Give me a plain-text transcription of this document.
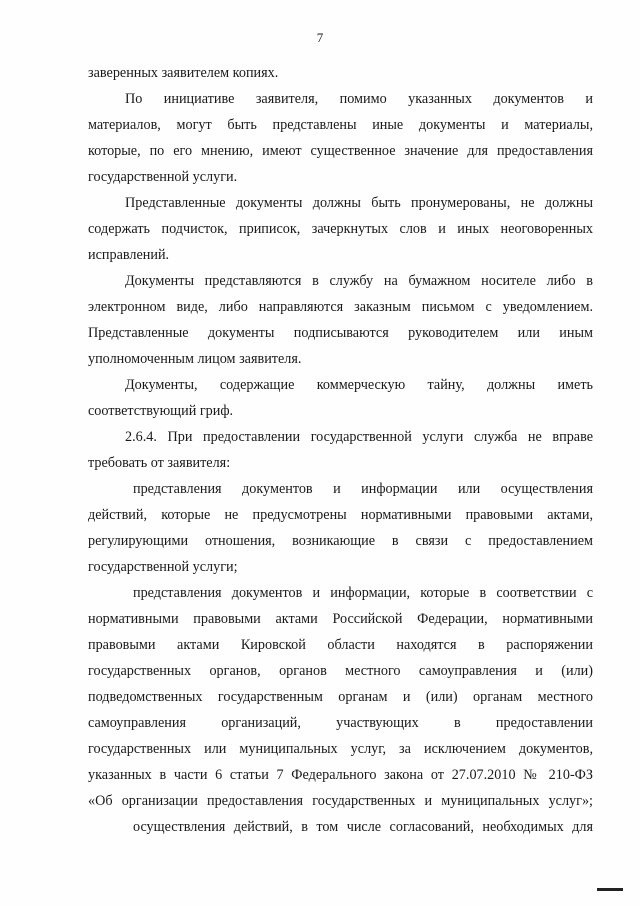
7
заверенных заявителем копиях.
По инициативе заявителя, помимо указанных документов и
материалов, могут быть представлены иные документы и материалы,
которые, по его мнению, имеют существенное значение для предоставления
государственной услуги.
Представленные документы должны быть пронумерованы, не должны
содержать подчисток, приписок, зачеркнутых слов и иных неоговоренных
исправлений.
Документы представляются в службу на бумажном носителе либо в
электронном виде, либо направляются заказным письмом с уведомлением.
Представленные документы подписываются руководителем или иным
уполномоченным лицом заявителя.
Документы, содержащие коммерческую тайну, должны иметь
соответствующий гриф.
2.6.4. При предоставлении государственной услуги служба не вправе
требовать от заявителя:
представления документов и информации или осуществления
действий, которые не предусмотрены нормативными правовыми актами,
регулирующими отношения, возникающие в связи с предоставлением
государственной услуги;
представления документов и информации, которые в соответствии с
нормативными правовыми актами Российской Федерации, нормативными
правовыми актами Кировской области находятся в распоряжении
государственных органов, органов местного самоуправления и (или)
подведомственных государственным органам и (или) органам местного
самоуправления организаций, участвующих в предоставлении
государственных или муниципальных услуг, за исключением документов,
указанных в части 6 статьи 7 Федерального закона от 27.07.2010 № 210-ФЗ
«Об организации предоставления государственных и муниципальных услуг»;
осуществления действий, в том числе согласований, необходимых для
